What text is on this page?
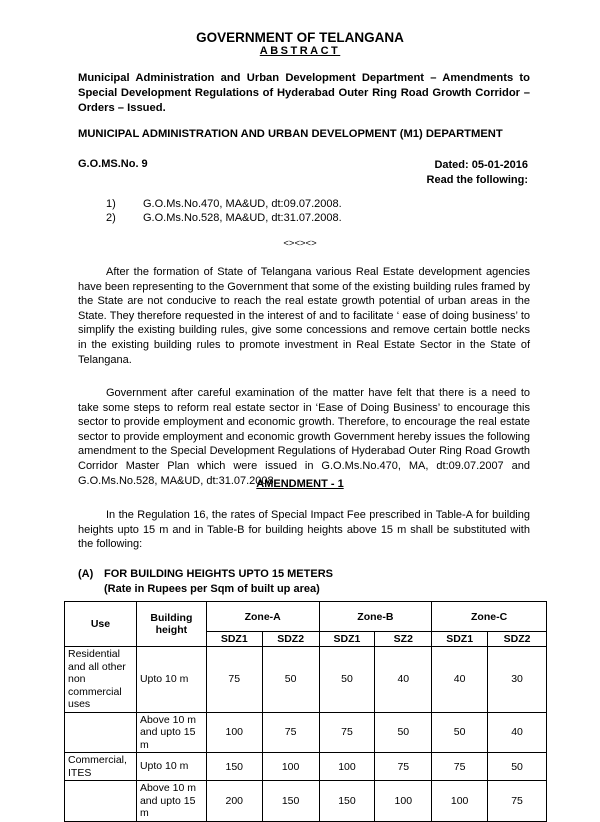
GOVERNMENT OF TELANGANA
ABSTRACT
Municipal Administration and Urban Development Department – Amendments to Special Development Regulations of Hyderabad Outer Ring Road Growth Corridor – Orders – Issued.
MUNICIPAL ADMINISTRATION AND URBAN DEVELOPMENT (M1) DEPARTMENT
G.O.MS.No. 9	Dated: 05-01-2016
Read the following:
1) G.O.Ms.No.470, MA&UD, dt:09.07.2008.
2) G.O.Ms.No.528, MA&UD, dt:31.07.2008.
<><><>

After the formation of State of Telangana various Real Estate development agencies have been representing to the Government that some of the existing building rules framed by the State are not conducive to reach the real estate growth potential of urban areas in the State. They therefore requested in the interest of and to facilitate ‘ ease of doing business’ to simplify the existing building rules, give some concessions and remove certain bottle necks in the existing building rules to promote investment in Real Estate Sector in the State of Telangana.

Government after careful examination of the matter have felt that there is a need to take some steps to reform real estate sector in ‘Ease of Doing Business’ to encourage this sector to provide employment and economic growth. Therefore, to encourage the real estate sector to provide employment and economic growth Government hereby issues the following amendment to the Special Development Regulations of Hyderabad Outer Ring Road Growth Corridor Master Plan which were issued in G.O.Ms.No.470, MA, dt:09.07.2007 and G.O.Ms.No.528, MA&UD, dt:31.07.2008.

AMENDMENT - 1

In the Regulation 16, the rates of Special Impact Fee prescribed in Table-A for building heights upto 15 m and in Table-B for building heights above 15 m shall be substituted with the following:

(A) FOR BUILDING HEIGHTS UPTO 15 METERS
(Rate in Rupees per Sqm of built up area)
Use	Building height	Zone-A		Zone-B		Zone-C	
		SDZ1	SDZ2	SDZ1	SZ2	SDZ1	SDZ2
Residential and all other non commercial uses	Upto 10 m	75	50	50	40	40	30
	Above 10 m and upto 15 m	100	75	75	50	50	40
Commercial, ITES	Upto 10 m	150	100	100	75	75	50
	Above 10 m and upto 15 m	200	150	150	100	100	75
